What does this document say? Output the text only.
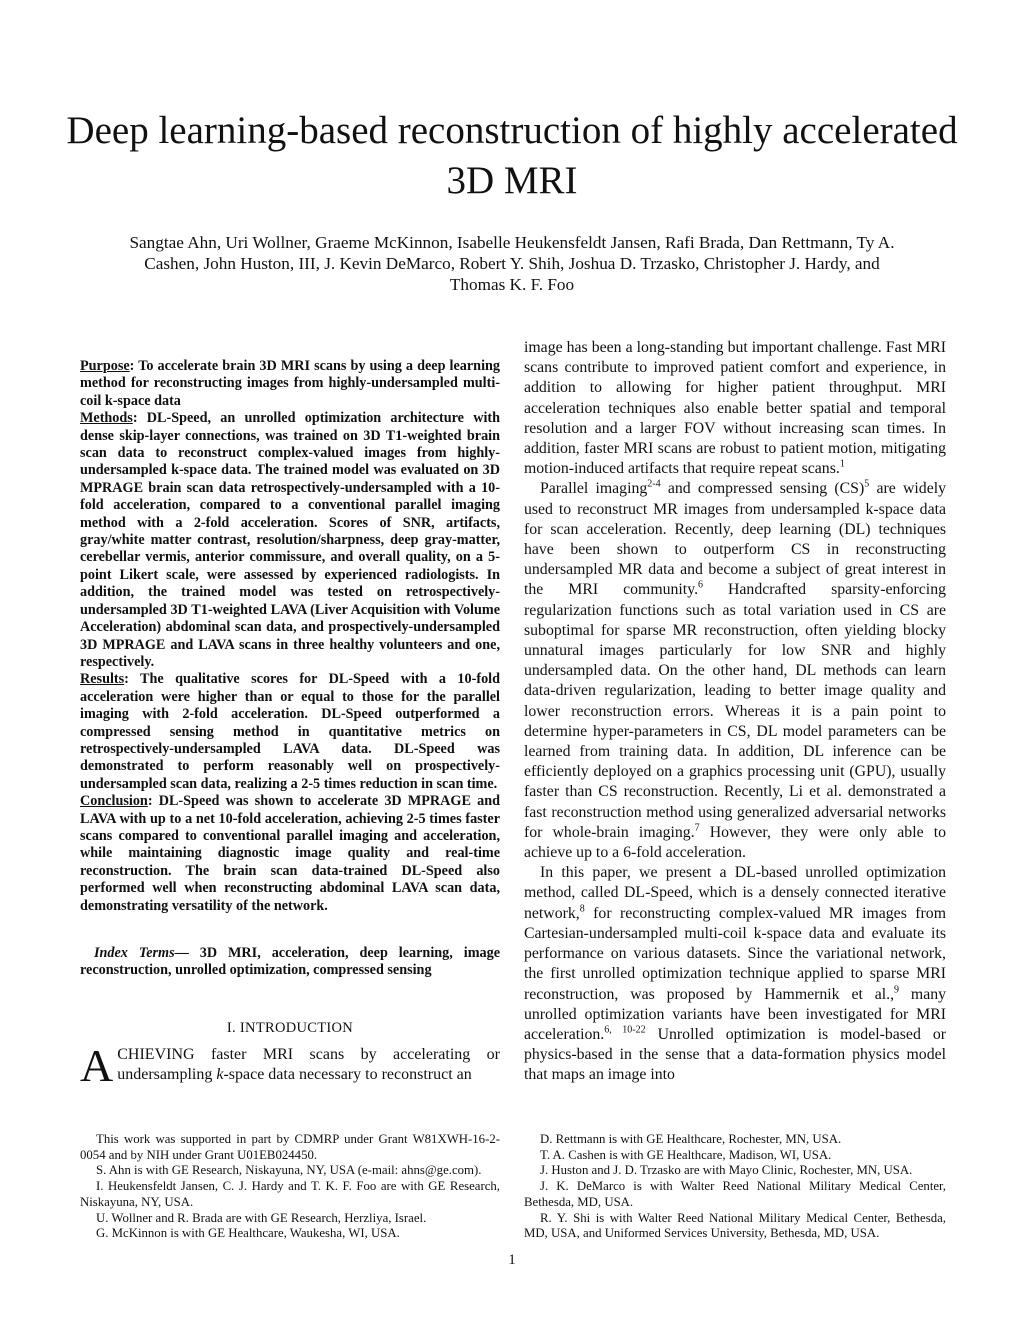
Deep learning-based reconstruction of highly accelerated 3D MRI

Sangtae Ahn, Uri Wollner, Graeme McKinnon, Isabelle Heukensfeldt Jansen, Rafi Brada, Dan Rettmann, Ty A. Cashen, John Huston, III, J. Kevin DeMarco, Robert Y. Shih, Joshua D. Trzasko, Christopher J. Hardy, and Thomas K. F. Foo

Purpose: To accelerate brain 3D MRI scans by using a deep learning method for reconstructing images from highly-undersampled multi-coil k-space data

Methods: DL-Speed, an unrolled optimization architecture with dense skip-layer connections, was trained on 3D T1-weighted brain scan data to reconstruct complex-valued images from highly-undersampled k-space data. The trained model was evaluated on 3D MPRAGE brain scan data retrospectively-undersampled with a 10-fold acceleration, compared to a conventional parallel imaging method with a 2-fold acceleration. Scores of SNR, artifacts, gray/white matter contrast, resolution/sharpness, deep gray-matter, cerebellar vermis, anterior commissure, and overall quality, on a 5-point Likert scale, were assessed by experienced radiologists. In addition, the trained model was tested on retrospectively-undersampled 3D T1-weighted LAVA (Liver Acquisition with Volume Acceleration) abdominal scan data, and prospectively-undersampled 3D MPRAGE and LAVA scans in three healthy volunteers and one, respectively.

Results: The qualitative scores for DL-Speed with a 10-fold acceleration were higher than or equal to those for the parallel imaging with 2-fold acceleration. DL-Speed outperformed a compressed sensing method in quantitative metrics on retrospectively-undersampled LAVA data. DL-Speed was demonstrated to perform reasonably well on prospectively-undersampled scan data, realizing a 2-5 times reduction in scan time.

Conclusion: DL-Speed was shown to accelerate 3D MPRAGE and LAVA with up to a net 10-fold acceleration, achieving 2-5 times faster scans compared to conventional parallel imaging and acceleration, while maintaining diagnostic image quality and real-time reconstruction. The brain scan data-trained DL-Speed also performed well when reconstructing abdominal LAVA scan data, demonstrating versatility of the network.

Index Terms— 3D MRI, acceleration, deep learning, image reconstruction, unrolled optimization, compressed sensing

I. INTRODUCTION

ACHIEVING faster MRI scans by accelerating or undersampling k-space data necessary to reconstruct an

image has been a long-standing but important challenge. Fast MRI scans contribute to improved patient comfort and experience, in addition to allowing for higher patient throughput. MRI acceleration techniques also enable better spatial and temporal resolution and a larger FOV without increasing scan times. In addition, faster MRI scans are robust to patient motion, mitigating motion-induced artifacts that require repeat scans.$^1$

Parallel imaging$^{2-4}$ and compressed sensing (CS)$^5$ are widely used to reconstruct MR images from undersampled k-space data for scan acceleration. Recently, deep learning (DL) techniques have been shown to outperform CS in reconstructing undersampled MR data and become a subject of great interest in the MRI community.$^6$ Handcrafted sparsity-enforcing regularization functions such as total variation used in CS are suboptimal for sparse MR reconstruction, often yielding blocky unnatural images particularly for low SNR and highly undersampled data. On the other hand, DL methods can learn data-driven regularization, leading to better image quality and lower reconstruction errors. Whereas it is a pain point to determine hyper-parameters in CS, DL model parameters can be learned from training data. In addition, DL inference can be efficiently deployed on a graphics processing unit (GPU), usually faster than CS reconstruction. Recently, Li et al. demonstrated a fast reconstruction method using generalized adversarial networks for whole-brain imaging.$^7$ However, they were only able to achieve up to a 6-fold acceleration.

In this paper, we present a DL-based unrolled optimization method, called DL-Speed, which is a densely connected iterative network,$^8$ for reconstructing complex-valued MR images from Cartesian-undersampled multi-coil k-space data and evaluate its performance on various datasets. Since the variational network, the first unrolled optimization technique applied to sparse MRI reconstruction, was proposed by Hammernik et al.,$^9$ many unrolled optimization variants have been investigated for MRI acceleration.$^{6, 10-22}$ Unrolled optimization is model-based or physics-based in the sense that a data-formation physics model that maps an image into

This work was supported in part by CDMRP under Grant W81XWH-16-2-0054 and by NIH under Grant U01EB024450.

S. Ahn is with GE Research, Niskayuna, NY, USA (e-mail: ahns@ge.com).

I. Heukensfeldt Jansen, C. J. Hardy and T. K. F. Foo are with GE Research, Niskayuna, NY, USA.

U. Wollner and R. Brada are with GE Research, Herzliya, Israel.

G. McKinnon is with GE Healthcare, Waukesha, WI, USA.

D. Rettmann is with GE Healthcare, Rochester, MN, USA.

T. A. Cashen is with GE Healthcare, Madison, WI, USA.

J. Huston and J. D. Trzasko are with Mayo Clinic, Rochester, MN, USA.

J. K. DeMarco is with Walter Reed National Military Medical Center, Bethesda, MD, USA.

R. Y. Shi is with Walter Reed National Military Medical Center, Bethesda, MD, USA, and Uniformed Services University, Bethesda, MD, USA.

1
